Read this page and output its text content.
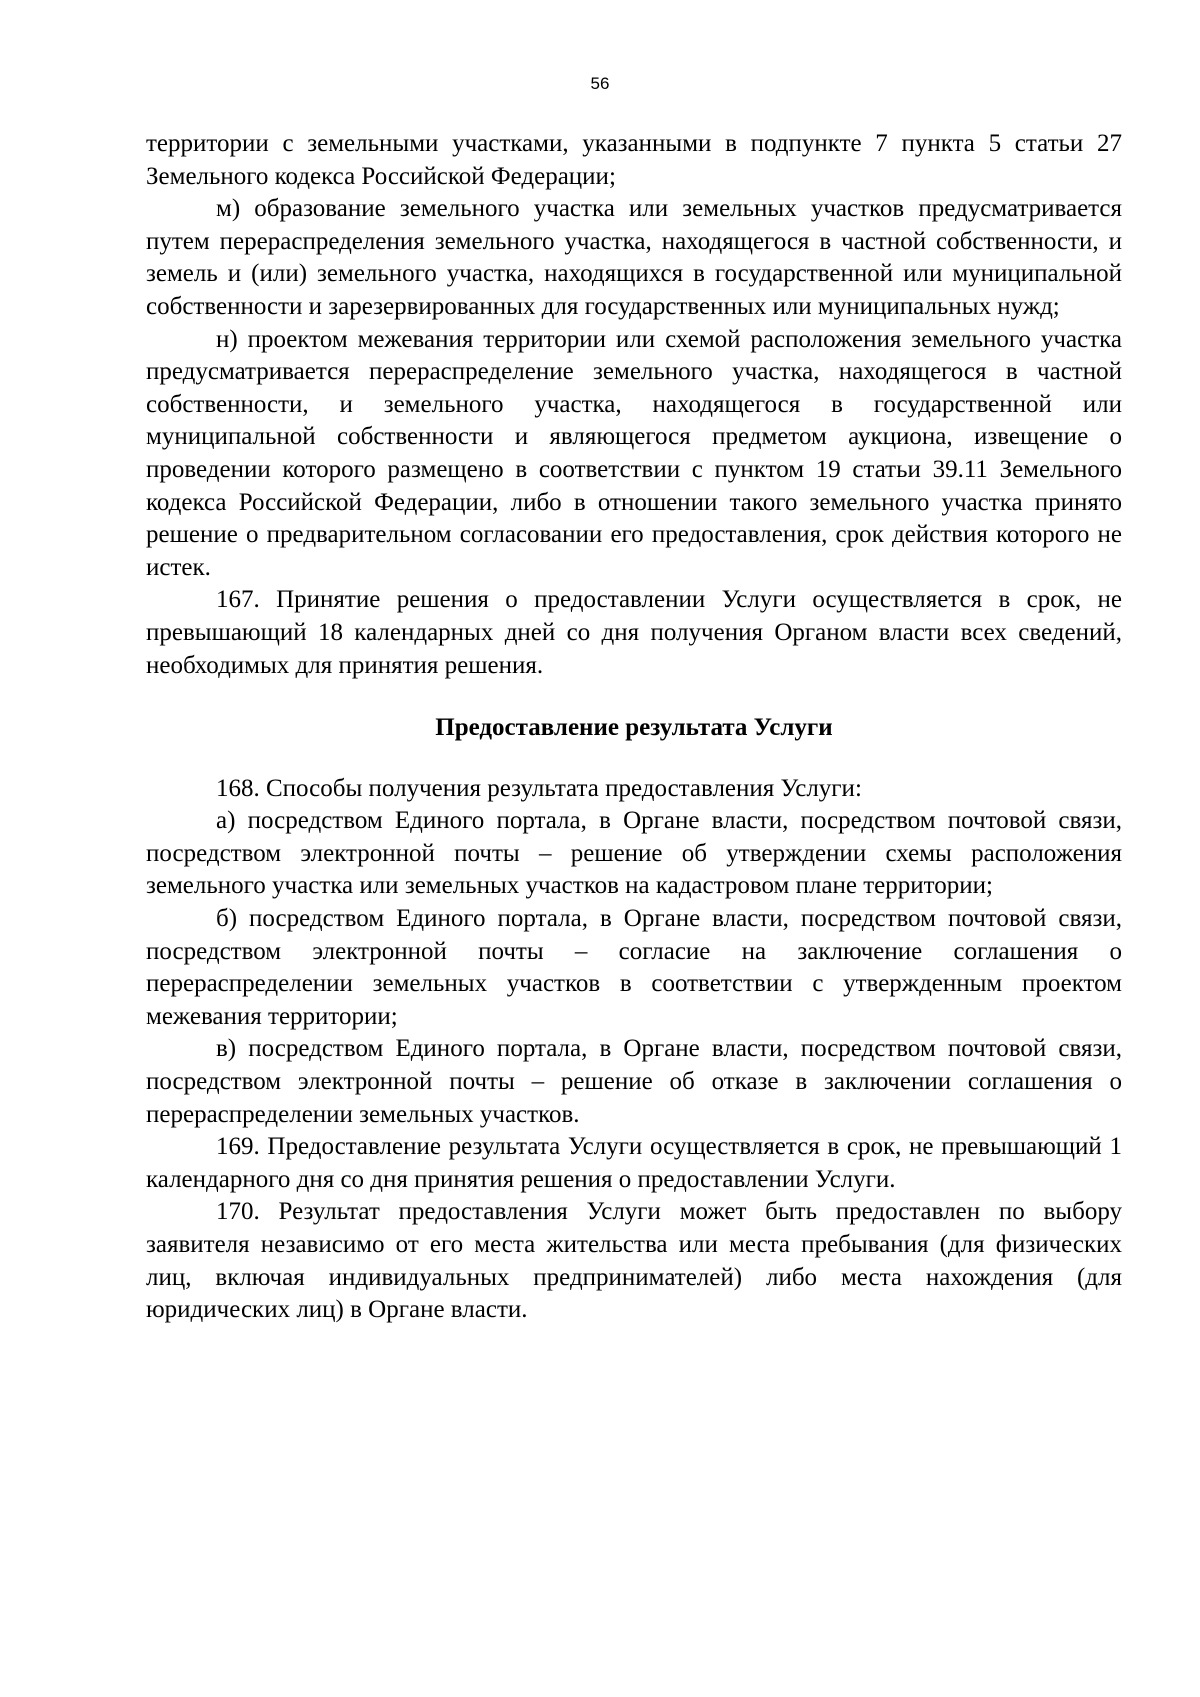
56

территории с земельными участками, указанными в подпункте 7 пункта 5 статьи 27 Земельного кодекса Российской Федерации;

м) образование земельного участка или земельных участков предусматривается путем перераспределения земельного участка, находящегося в частной собственности, и земель и (или) земельного участка, находящихся в государственной или муниципальной собственности и зарезервированных для государственных или муниципальных нужд;

н) проектом межевания территории или схемой расположения земельного участка предусматривается перераспределение земельного участка, находящегося в частной собственности, и земельного участка, находящегося в государственной или муниципальной собственности и являющегося предметом аукциона, извещение о проведении которого размещено в соответствии с пунктом 19 статьи 39.11 Земельного кодекса Российской Федерации, либо в отношении такого земельного участка принято решение о предварительном согласовании его предоставления, срок действия которого не истек.

167. Принятие решения о предоставлении Услуги осуществляется в срок, не превышающий 18 календарных дней со дня получения Органом власти всех сведений, необходимых для принятия решения.

Предоставление результата Услуги

168. Способы получения результата предоставления Услуги:

а) посредством Единого портала, в Органе власти, посредством почтовой связи, посредством электронной почты – решение об утверждении схемы расположения земельного участка или земельных участков на кадастровом плане территории;

б) посредством Единого портала, в Органе власти, посредством почтовой связи, посредством электронной почты – согласие на заключение соглашения о перераспределении земельных участков в соответствии с утвержденным проектом межевания территории;

в) посредством Единого портала, в Органе власти, посредством почтовой связи, посредством электронной почты – решение об отказе в заключении соглашения о перераспределении земельных участков.

169. Предоставление результата Услуги осуществляется в срок, не превышающий 1 календарного дня со дня принятия решения о предоставлении Услуги.

170. Результат предоставления Услуги может быть предоставлен по выбору заявителя независимо от его места жительства или места пребывания (для физических лиц, включая индивидуальных предпринимателей) либо места нахождения (для юридических лиц) в Органе власти.
